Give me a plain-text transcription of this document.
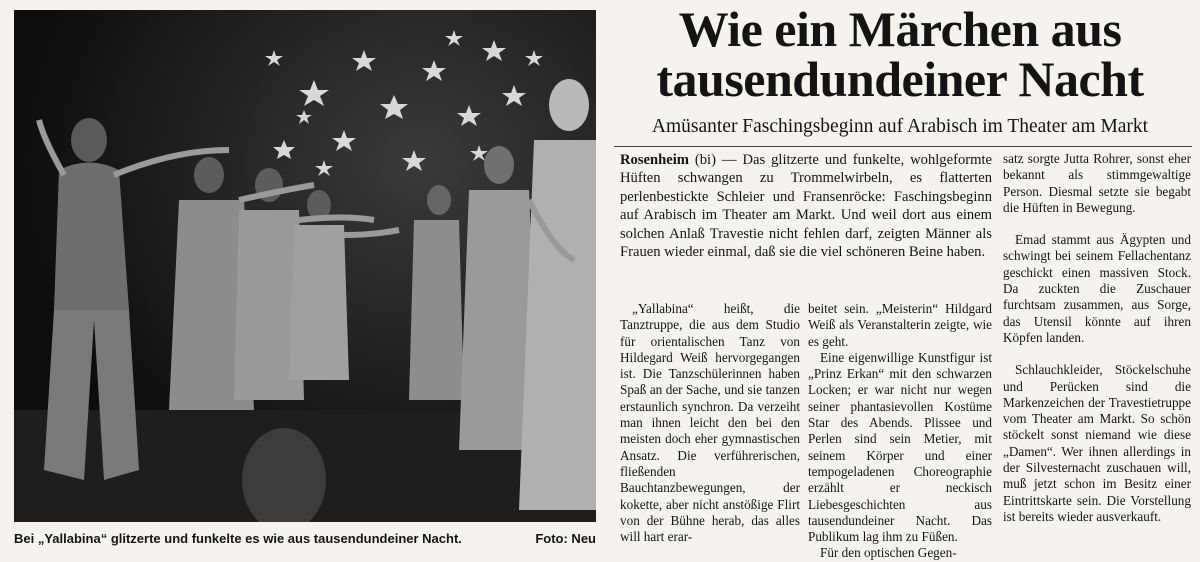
Bei „Yallabina“ glitzerte und funkelte es wie aus tausendundeiner Nacht.	Foto: Neu
Wie ein Märchen aus
tausendundeiner Nacht
Amüsanter Faschingsbeginn auf Arabisch im Theater am Markt
Rosenheim (bi) — Das glitzerte und funkelte, wohlgeformte Hüften schwangen zu Trommelwirbeln, es flatterten perlenbestickte Schleier und Fransenröcke: Faschingsbeginn auf Arabisch im Theater am Markt. Und weil dort aus einem solchen Anlaß Travestie nicht fehlen darf, zeigten Männer als Frauen wieder einmal, daß sie die viel schöneren Beine haben.

„Yallabina“ heißt, die Tanztruppe, die aus dem Studio für orientalischen Tanz von Hildegard Weiß hervorgegangen ist. Die Tanzschülerinnen haben Spaß an der Sache, und sie tanzen erstaunlich synchron. Da verzeiht man ihnen leicht den bei den meisten doch eher gymnastischen Ansatz. Die verführerischen, fließenden Bauchtanzbewegungen, der kokette, aber nicht anstößige Flirt von der Bühne herab, das alles will hart erar-

beitet sein. „Meisterin“ Hildgard Weiß als Veranstalterin zeigte, wie es geht.

Eine eigenwillige Kunstfigur ist „Prinz Erkan“ mit den schwarzen Locken; er war nicht nur wegen seiner phantasievollen Kostüme Star des Abends. Plissee und Perlen sind sein Metier, mit seinem Körper und einer tempogeladenen Choreographie erzählt er neckisch Liebesgeschichten aus tausendundeiner Nacht. Das Publikum lag ihm zu Füßen.

Für den optischen Gegen-

satz sorgte Jutta Rohrer, sonst eher bekannt als stimmgewaltige Person. Diesmal setzte sie begabt die Hüften in Bewegung.

Emad stammt aus Ägypten und schwingt bei seinem Fellachentanz geschickt einen massiven Stock. Da zuckten die Zuschauer furchtsam zusammen, aus Sorge, das Utensil könnte auf ihren Köpfen landen.

Schlauchkleider, Stöckelschuhe und Perücken sind die Markenzeichen der Travestietruppe vom Theater am Markt. So schön stöckelt sonst niemand wie diese „Damen“. Wer ihnen allerdings in der Silvesternacht zuschauen will, muß jetzt schon im Besitz einer Eintrittskarte sein. Die Vorstellung ist bereits wieder ausverkauft.
